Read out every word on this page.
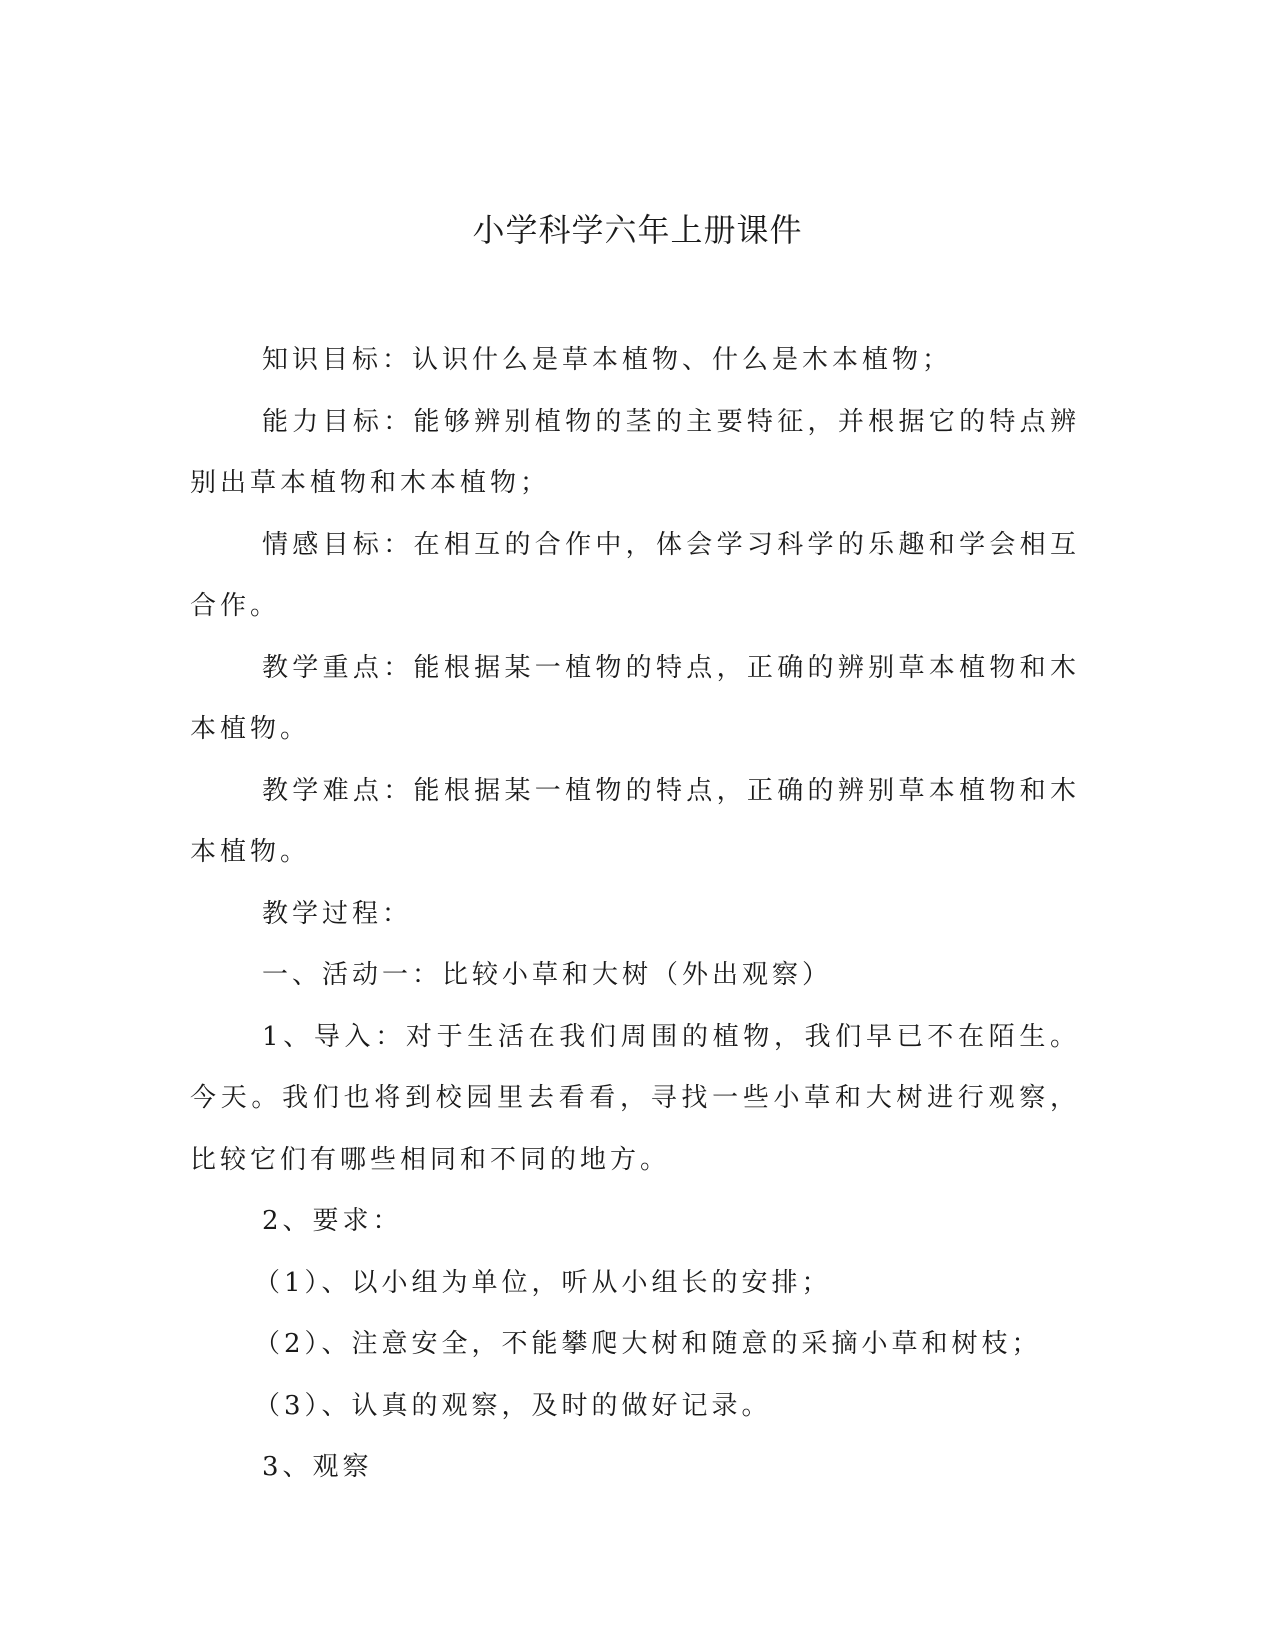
小学科学六年上册课件

知识目标：认识什么是草本植物、什么是木本植物；

能力目标：能够辨别植物的茎的主要特征，并根据它的特点辨别出草本植物和木本植物；

情感目标：在相互的合作中，体会学习科学的乐趣和学会相互合作。

教学重点：能根据某一植物的特点，正确的辨别草本植物和木本植物。

教学难点：能根据某一植物的特点，正确的辨别草本植物和木本植物。

教学过程：

一、活动一：比较小草和大树（外出观察）

1、导入：对于生活在我们周围的植物，我们早已不在陌生。今天。我们也将到校园里去看看，寻找一些小草和大树进行观察，比较它们有哪些相同和不同的地方。

2、要求：

（1）、以小组为单位，听从小组长的安排；

（2）、注意安全，不能攀爬大树和随意的采摘小草和树枝；

（3）、认真的观察，及时的做好记录。

3、观察
